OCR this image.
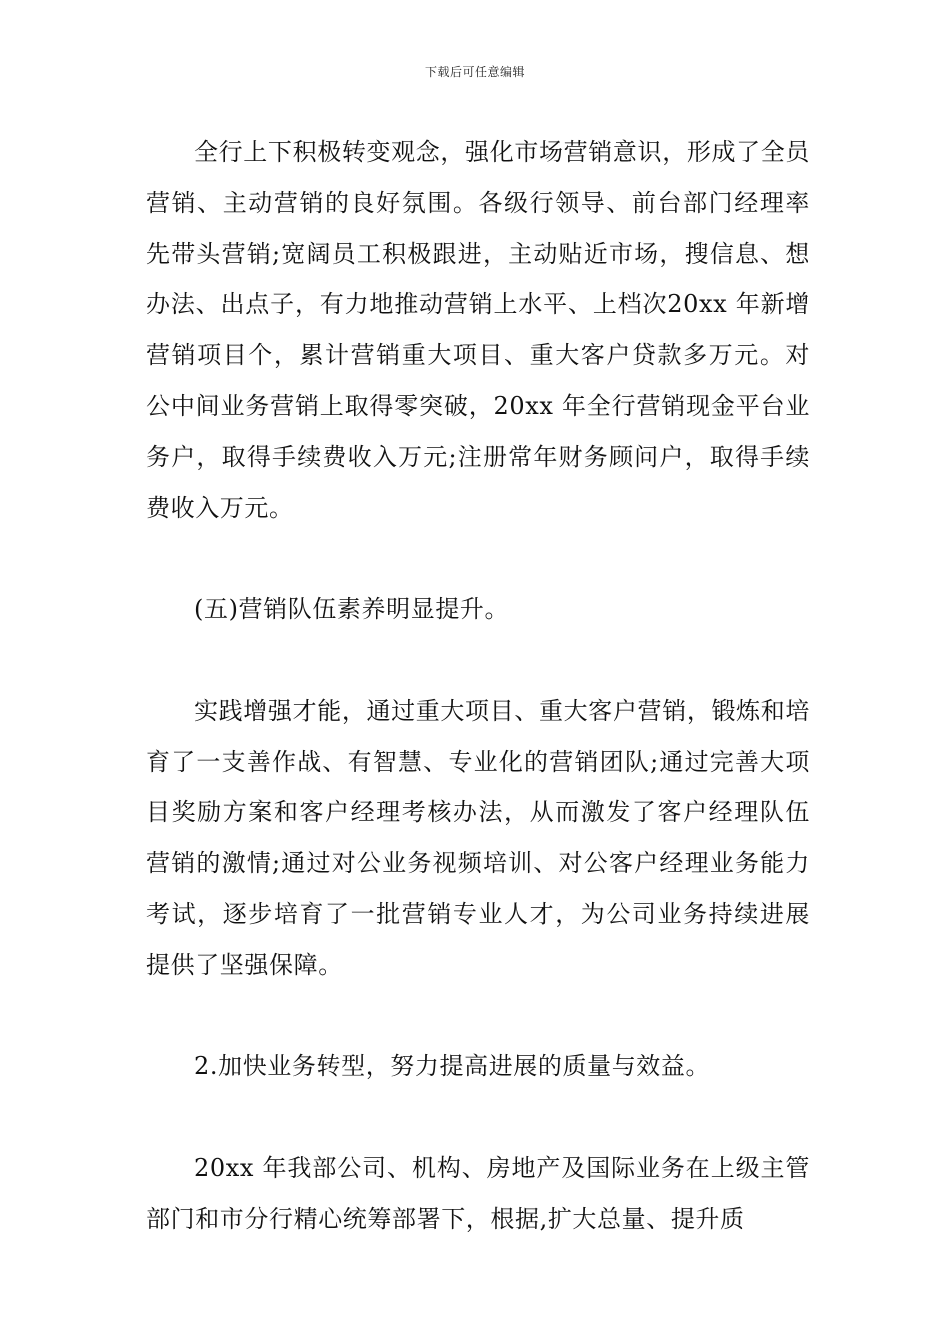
下载后可任意编辑

全行上下积极转变观念，强化市场营销意识，形成了全员营销、主动营销的良好氛围。各级行领导、前台部门经理率先带头营销;宽阔员工积极跟进，主动贴近市场，搜信息、想办法、出点子，有力地推动营销上水平、上档次20xx 年新增营销项目个，累计营销重大项目、重大客户贷款多万元。对公中间业务营销上取得零突破，20xx 年全行营销现金平台业务户，取得手续费收入万元;注册常年财务顾问户，取得手续费收入万元。

(五)营销队伍素养明显提升。

实践增强才能，通过重大项目、重大客户营销，锻炼和培育了一支善作战、有智慧、专业化的营销团队;通过完善大项目奖励方案和客户经理考核办法，从而激发了客户经理队伍营销的激情;通过对公业务视频培训、对公客户经理业务能力考试，逐步培育了一批营销专业人才，为公司业务持续进展提供了坚强保障。

2.加快业务转型，努力提高进展的质量与效益。

20xx 年我部公司、机构、房地产及国际业务在上级主管部门和市分行精心统筹部署下，根据,扩大总量、提升质
